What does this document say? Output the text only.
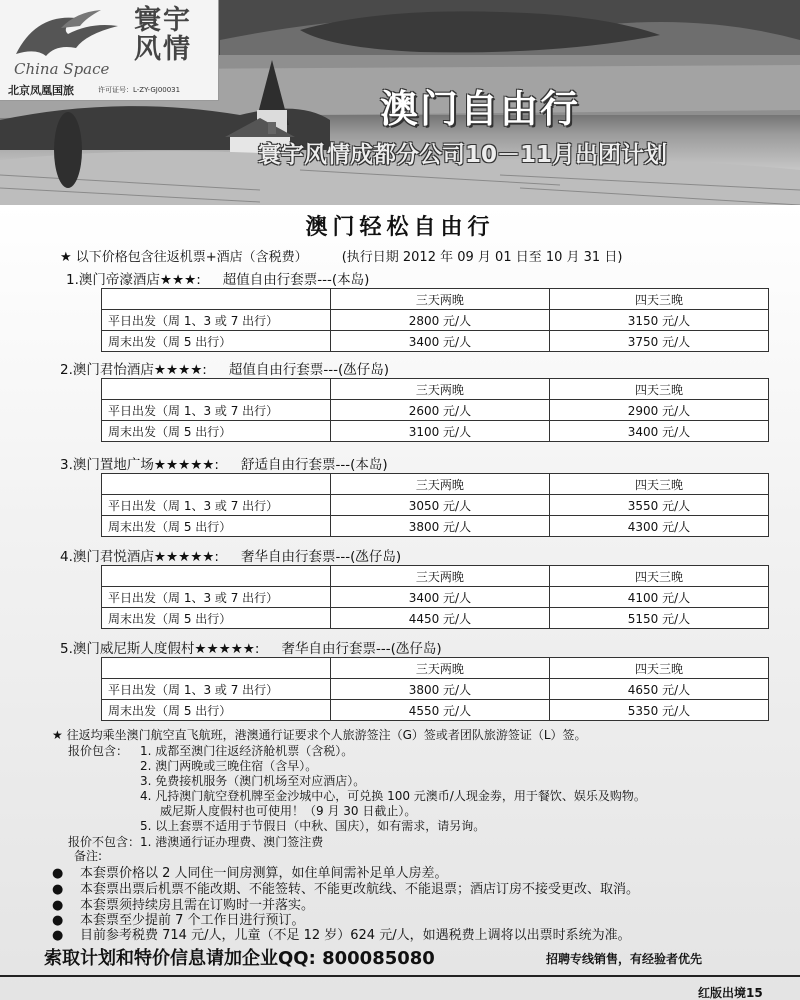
寰宇风情
China Space
北京凤凰国旅	许可证号：L-ZY-GJ00031	澳门自由行
寰宇风情成都分公司10－11月出团计划
澳门轻松自由行
★ 以下价格包含往返机票+酒店（含税费）	(执行日期 2012 年 09 月 01 日至 10 月 31 日)
1.澳门帝濠酒店★★★: 超值自由行套票---(本岛)
	三天两晚	四天三晚
平日出发（周 1、3 或 7 出行）	2800 元/人	3150 元/人
周末出发（周 5 出行）	3400 元/人	3750 元/人
2.澳门君怡酒店★★★★: 超值自由行套票---(氹仔岛)
	三天两晚	四天三晚
平日出发（周 1、3 或 7 出行）	2600 元/人	2900 元/人
周末出发（周 5 出行）	3100 元/人	3400 元/人
3.澳门置地广场★★★★★: 舒适自由行套票---(本岛)
	三天两晚	四天三晚
平日出发（周 1、3 或 7 出行）	3050 元/人	3550 元/人
周末出发（周 5 出行）	3800 元/人	4300 元/人
4.澳门君悦酒店★★★★★: 奢华自由行套票---(氹仔岛)
	三天两晚	四天三晚
平日出发（周 1、3 或 7 出行）	3400 元/人	4100 元/人
周末出发（周 5 出行）	4450 元/人	5150 元/人
5.澳门威尼斯人度假村★★★★★: 奢华自由行套票---(氹仔岛)
	三天两晚	四天三晚
平日出发（周 1、3 或 7 出行）	3800 元/人	4650 元/人
周末出发（周 5 出行）	4550 元/人	5350 元/人
★ 往返均乘坐澳门航空直飞航班，港澳通行证要求个人旅游签注（G）签或者团队旅游签证（L）签。
报价包含： 1. 成都至澳门往返经济舱机票（含税）。
2. 澳门两晚或三晚住宿（含早）。
3. 免费接机服务（澳门机场至对应酒店）。
4. 凡持澳门航空登机牌至金沙城中心，可兑换 100 元澳币/人现金劵，用于餐饮、娱乐及购物。
威尼斯人度假村也可使用！（9 月 30 日截止）。
5. 以上套票不适用于节假日（中秋、国庆），如有需求，请另询。
报价不包含：1. 港澳通行证办理费、澳门签注费
备注:
● 本套票价格以 2 人同住一间房测算，如住单间需补足单人房差。
● 本套票出票后机票不能改期、不能签转、不能更改航线、不能退票；酒店订房不接受更改、取消。
● 本套票须持续房且需在订购时一并落实。
● 本套票至少提前 7 个工作日进行预订。
● 目前参考税费 714 元/人，儿童（不足 12 岁）624 元/人，如遇税费上调将以出票时系统为准。
索取计划和特价信息请加企业QQ: 800085080	招聘专线销售，有经验者优先
红版出境15
